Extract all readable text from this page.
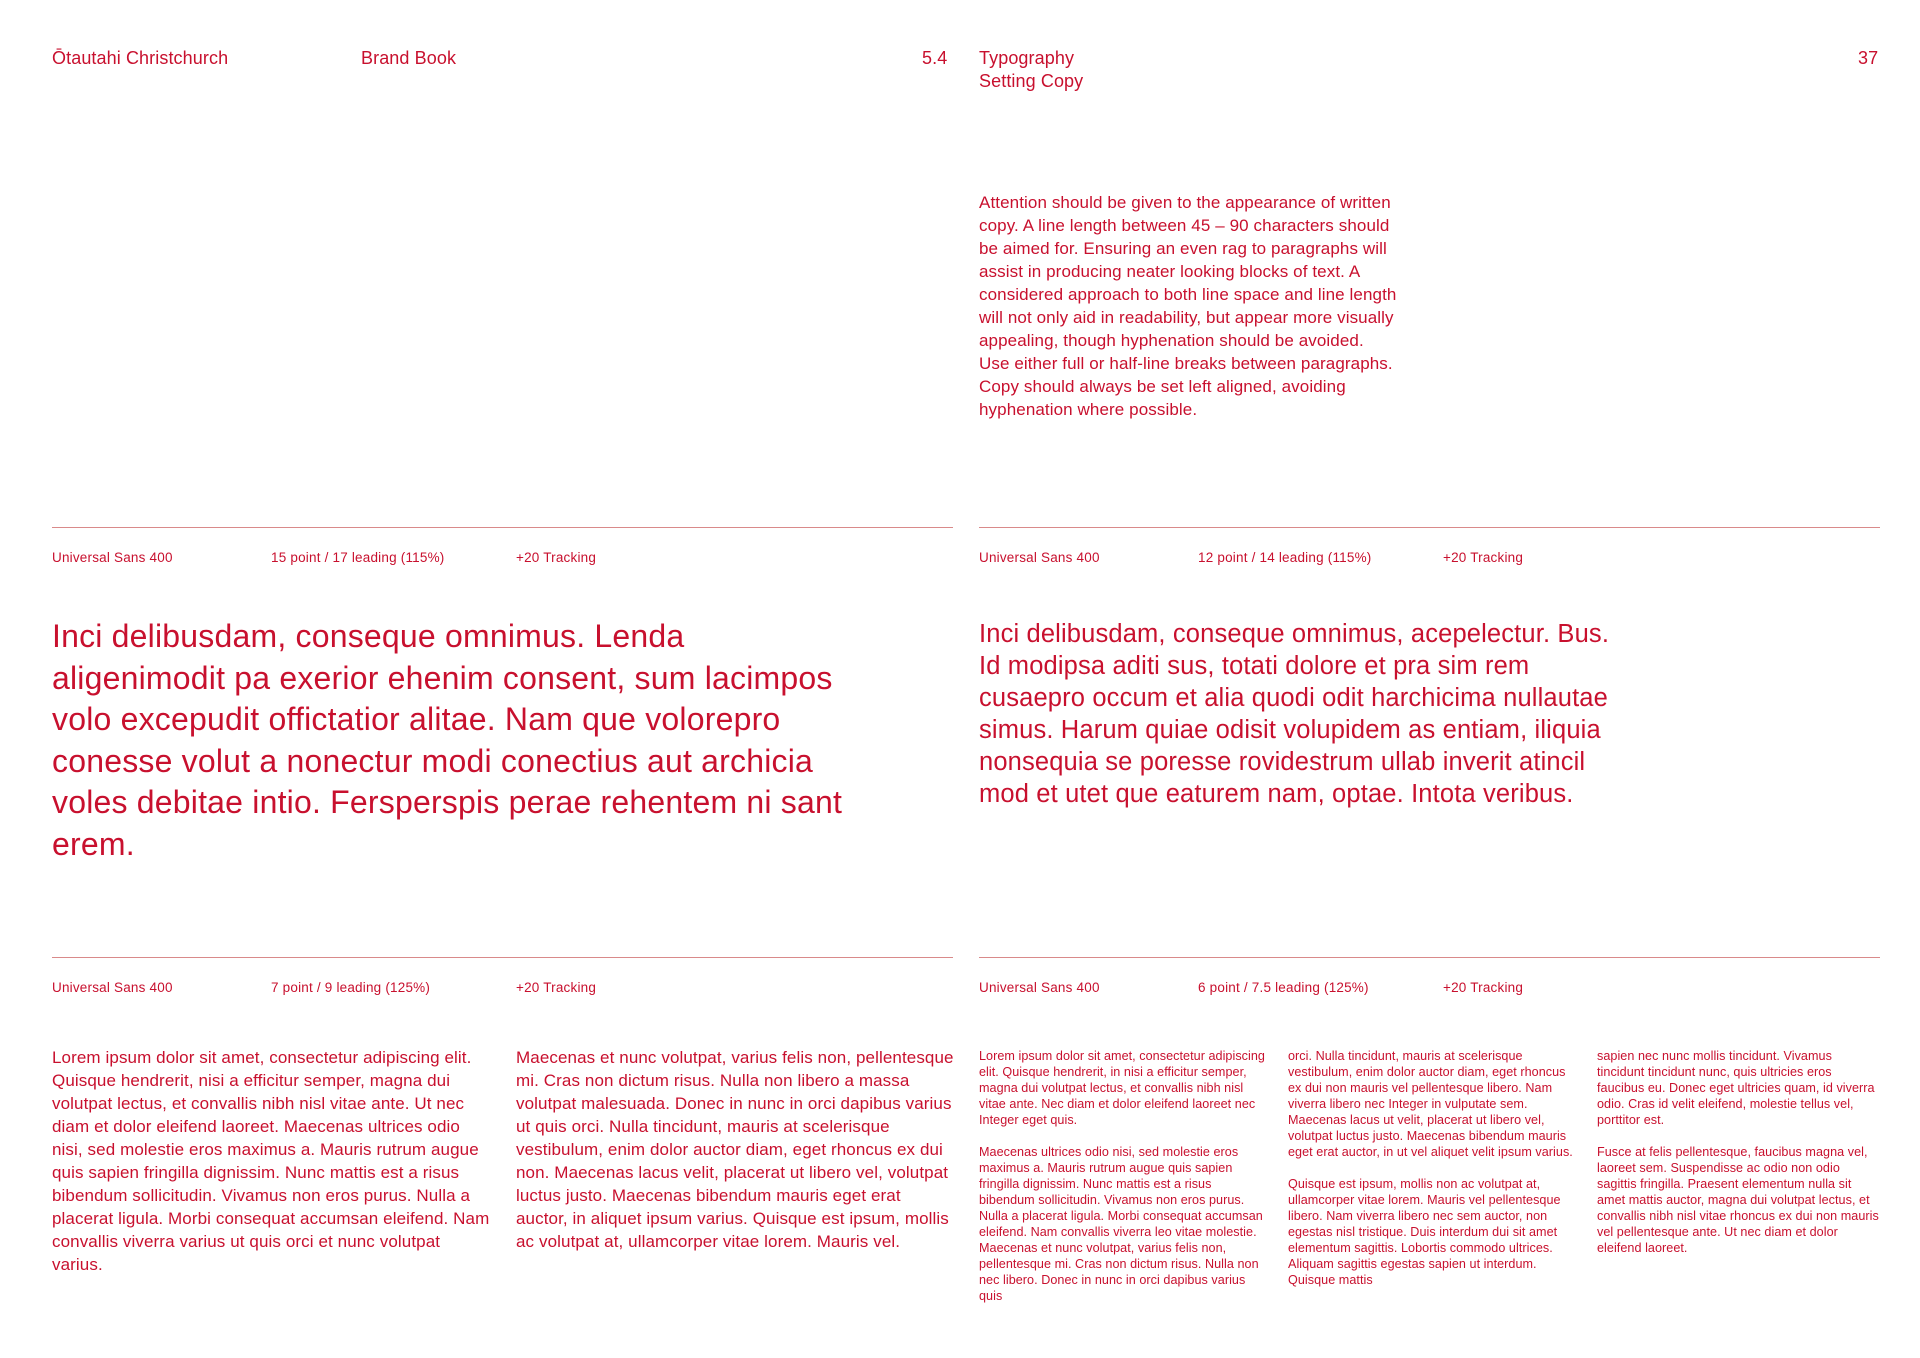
Ōtautahi Christchurch	Brand Book	5.4 Typography
Setting Copy
37
Attention should be given to the appearance of written copy. A line length between 45 – 90 characters should be aimed for. Ensuring an even rag to paragraphs will assist in producing neater looking blocks of text. A considered approach to both line space and line length will not only aid in readability, but appear more visually appealing, though hyphenation should be avoided.
Use either full or half-line breaks between paragraphs. Copy should always be set left aligned, avoiding hyphenation where possible.
Universal Sans 400	15 point / 17 leading (115%)	+20 Tracking	Universal Sans 400	12 point / 14 leading (115%)	+20 Tracking
Inci delibusdam, conseque omnimus. Lenda aligenimodit pa exerior ehenim consent, sum lacimpos volo excepudit offictatior alitae. Nam que volorepro conesse volut a nonectur modi conectius aut archicia voles debitae intio. Fersperspis perae rehentem ni sant erem.
Inci delibusdam, conseque omnimus, acepelectur. Bus. Id modipsa aditi sus, totati dolore et pra sim rem cusaepro occum et alia quodi odit harchicima nullautae simus. Harum quiae odisit volupidem as entiam, iliquia nonsequia se poresse rovidestrum ullab inverit atincil mod et utet que eaturem nam, optae. Intota veribus.
Universal Sans 400	7 point / 9 leading (125%)	+20 Tracking	Universal Sans 400	6 point / 7.5 leading (125%)	+20 Tracking
Lorem ipsum dolor sit amet, consectetur adipiscing elit. Quisque hendrerit, nisi a efficitur semper, magna dui volutpat lectus, et convallis nibh nisl vitae ante. Ut nec diam et dolor eleifend laoreet. Maecenas ultrices odio nisi, sed molestie eros maximus a. Mauris rutrum augue quis sapien fringilla dignissim. Nunc mattis est a risus bibendum sollicitudin. Vivamus non eros purus. Nulla a placerat ligula. Morbi consequat accumsan eleifend. Nam convallis viverra varius ut quis orci et nunc volutpat varius.
Maecenas et nunc volutpat, varius felis non, pellentesque mi. Cras non dictum risus. Nulla non libero a massa volutpat malesuada. Donec in nunc in orci dapibus varius ut quis orci. Nulla tincidunt, mauris at scelerisque vestibulum, enim dolor auctor diam, eget rhoncus ex dui non. Maecenas lacus velit, placerat ut libero vel, volutpat luctus justo. Maecenas bibendum mauris eget erat auctor, in aliquet ipsum varius. Quisque est ipsum, mollis ac volutpat at, ullamcorper vitae lorem. Mauris vel.
Lorem ipsum dolor sit amet, consectetur adipiscing elit. Quisque hendrerit, in nisi a efficitur semper, magna dui volutpat lectus, et convallis nibh nisl vitae ante. Nec diam et dolor eleifend laoreet nec Integer eget quis.

Maecenas ultrices odio nisi, sed molestie eros maximus a. Mauris rutrum augue quis sapien fringilla dignissim. Nunc mattis est a risus bibendum sollicitudin. Vivamus non eros purus. Nulla a placerat ligula. Morbi consequat accumsan eleifend. Nam convallis viverra leo vitae molestie. Maecenas et nunc volutpat, varius felis non, pellentesque mi. Cras non dictum risus. Nulla non nec libero. Donec in nunc in orci dapibus varius quis
orci. Nulla tincidunt, mauris at scelerisque vestibulum, enim dolor auctor diam, eget rhoncus ex dui non mauris vel pellentesque libero. Nam viverra libero nec Integer in vulputate sem. Maecenas lacus ut velit, placerat ut libero vel, volutpat luctus justo. Maecenas bibendum mauris eget erat auctor, in ut vel aliquet velit ipsum varius.

Quisque est ipsum, mollis non ac volutpat at, ullamcorper vitae lorem. Mauris vel pellentesque libero. Nam viverra libero nec sem auctor, non egestas nisl tristique. Duis interdum dui sit amet elementum sagittis. Lobortis commodo ultrices. Aliquam sagittis egestas sapien ut interdum. Quisque mattis
sapien nec nunc mollis tincidunt. Vivamus tincidunt tincidunt nunc, quis ultricies eros faucibus eu. Donec eget ultricies quam, id viverra odio. Cras id velit eleifend, molestie tellus vel, porttitor est.

Fusce at felis pellentesque, faucibus magna vel, laoreet sem. Suspendisse ac odio non odio sagittis fringilla. Praesent elementum nulla sit amet mattis auctor, magna dui volutpat lectus, et convallis nibh nisl vitae rhoncus ex dui non mauris vel pellentesque ante. Ut nec diam et dolor eleifend laoreet.
